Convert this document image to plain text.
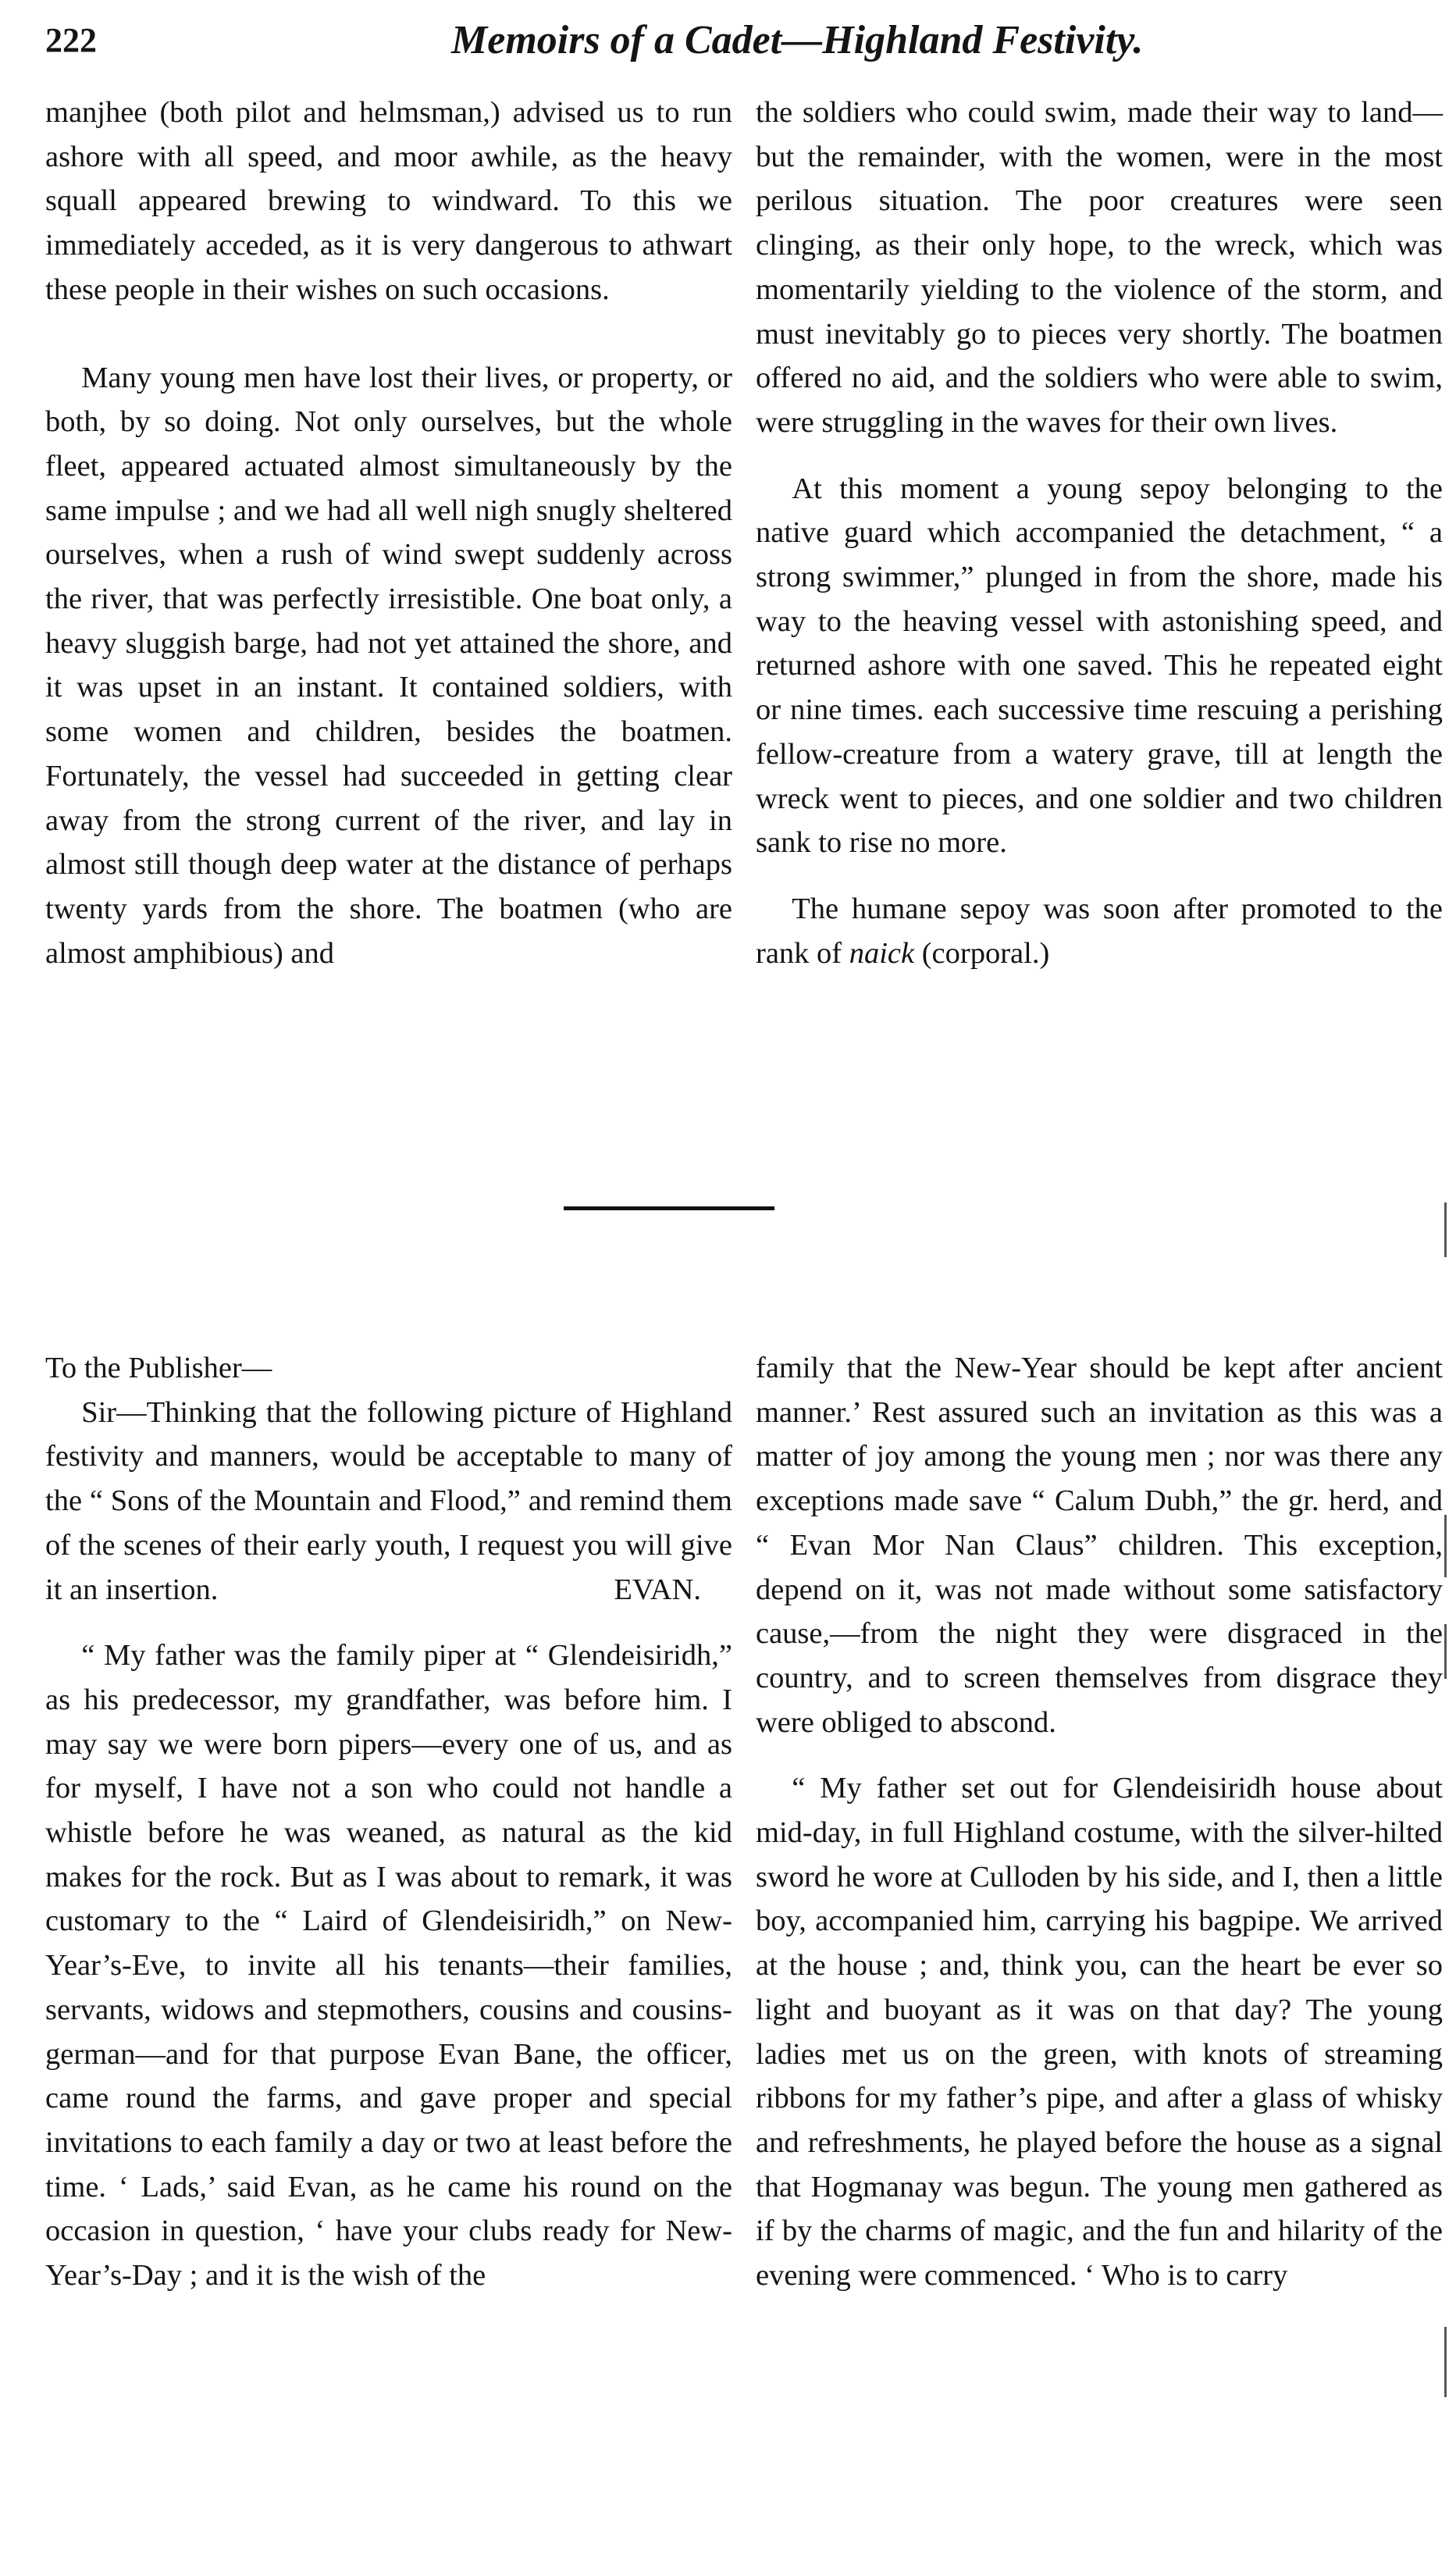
222	Memoirs of a Cadet—Highland Festivity.

manjhee (both pilot and helmsman,) advised us to run ashore with all speed, and moor awhile, as the heavy squall appeared brewing to windward. To this we immediately acceded, as it is very dangerous to athwart these people in their wishes on such occasions.

Many young men have lost their lives, or property, or both, by so doing. Not only ourselves, but the whole fleet, appeared actuated almost simultaneously by the same impulse ; and we had all well nigh snugly sheltered ourselves, when a rush of wind swept suddenly across the river, that was perfectly irresistible. One boat only, a heavy sluggish barge, had not yet attained the shore, and it was upset in an instant. It contained soldiers, with some women and children, besides the boatmen. Fortunately, the vessel had succeeded in getting clear away from the strong current of the river, and lay in almost still though deep water at the distance of perhaps twenty yards from the shore. The boatmen (who are almost amphibious) and

the soldiers who could swim, made their way to land—but the remainder, with the women, were in the most perilous situation. The poor creatures were seen clinging, as their only hope, to the wreck, which was momentarily yielding to the violence of the storm, and must inevitably go to pieces very shortly. The boatmen offered no aid, and the soldiers who were able to swim, were struggling in the waves for their own lives.

At this moment a young sepoy belonging to the native guard which accompanied the detachment, “ a strong swimmer,” plunged in from the shore, made his way to the heaving vessel with astonishing speed, and returned ashore with one saved. This he repeated eight or nine times. each successive time rescuing a perishing fellow-creature from a watery grave, till at length the wreck went to pieces, and one soldier and two children sank to rise no more.

The humane sepoy was soon after promoted to the rank of naick (corporal.)

To the Publisher—

Sir—Thinking that the following picture of Highland festivity and manners, would be acceptable to many of the “ Sons of the Mountain and Flood,” and remind them of the scenes of their early youth, I request you will give it an insertion.	EVAN.

“ My father was the family piper at “ Glendeisiridh,” as his predecessor, my grandfather, was before him. I may say we were born pipers—every one of us, and as for myself, I have not a son who could not handle a whistle before he was weaned, as natural as the kid makes for the rock. But as I was about to remark, it was customary to the “ Laird of Glendeisiridh,” on New-Year’s-Eve, to invite all his tenants—their families, servants, widows and stepmothers, cousins and cousins-german—and for that purpose Evan Bane, the officer, came round the farms, and gave proper and special invitations to each family a day or two at least before the time. ‘ Lads,’ said Evan, as he came his round on the occasion in question, ‘ have your clubs ready for New-Year’s-Day ; and it is the wish of the

family that the New-Year should be kept after ancient manner.’ Rest assured such an invitation as this was a matter of joy among the young men ; nor was there any exceptions made save “ Calum Dubh,” the gr. herd, and “ Evan Mor Nan Claus” children. This exception, depend on it, was not made without some satisfactory cause,—from the night they were disgraced in the country, and to screen themselves from disgrace they were obliged to abscond.

“ My father set out for Glendeisiridh house about mid-day, in full Highland costume, with the silver-hilted sword he wore at Culloden by his side, and I, then a little boy, accompanied him, carrying his bagpipe. We arrived at the house ; and, think you, can the heart be ever so light and buoyant as it was on that day? The young ladies met us on the green, with knots of streaming ribbons for my father’s pipe, and after a glass of whisky and refreshments, he played before the house as a signal that Hogmanay was begun. The young men gathered as if by the charms of magic, and the fun and hilarity of the evening were commenced. ‘ Who is to carry
